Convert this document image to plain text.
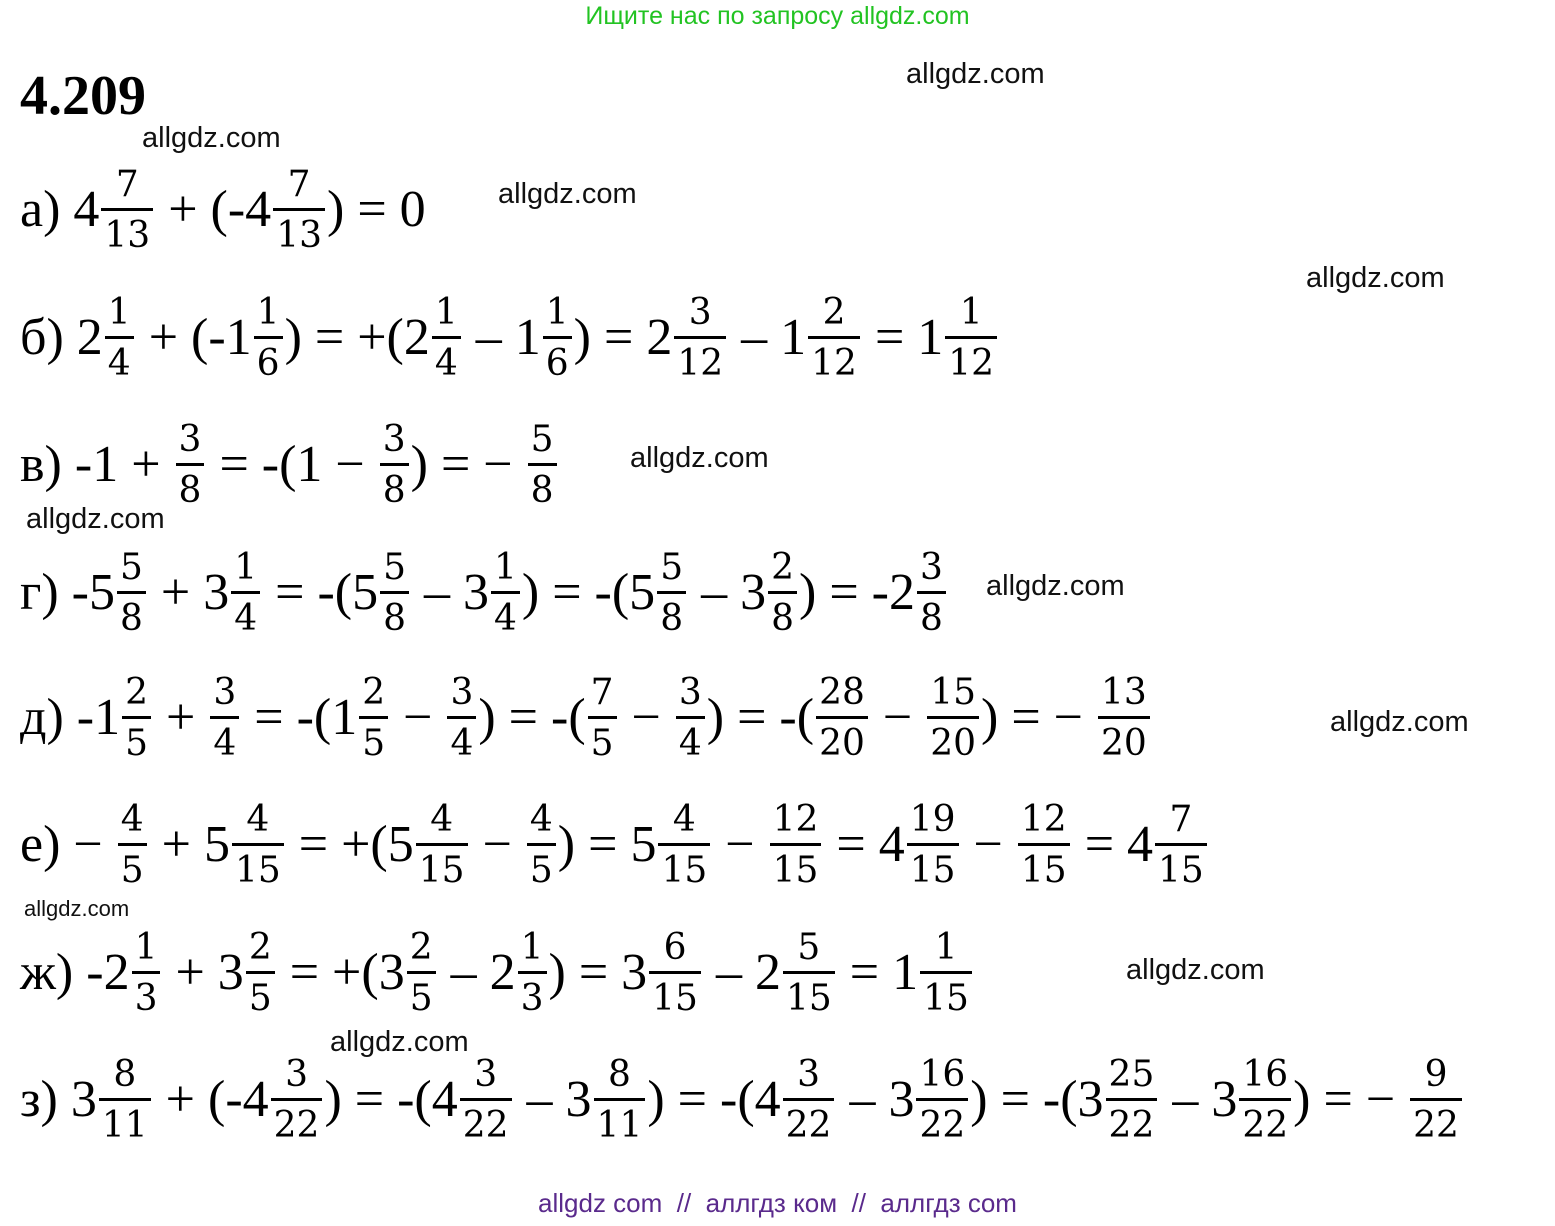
Ищите нас по запросу allgdz.com
4.209	allgdz.com
allgdz.com
allgdz.com
allgdz.com
allgdz.com
allgdz.com
allgdz.com
allgdz.com
allgdz.com
allgdz.com
allgdz.com
а) $4 \frac{7}{13} + (-4 \frac{7}{13}$ ) = 0
б) $2 \frac{1}{4} + (-1 \frac{1}{6}$ ) = $+(2 \frac{1}{4} - 1 \frac{1}{6}$ ) = $2 \frac{3}{12} - 1 \frac{2}{12} = 1 \frac{1}{12}$
в) $-1 + \frac{3}{8} = -(1 - \frac{3}{8}$ ) = − $\frac{5}{8}$
г) $-5 \frac{5}{8} + 3 \frac{1}{4} = -(5 \frac{5}{8} - 3 \frac{1}{4}$ ) = $-(5 \frac{5}{8} - 3 \frac{2}{8}$ ) = $-2 \frac{3}{8}$
д) $-1 \frac{2}{5} + \frac{3}{4} = -(1 \frac{2}{5} - \frac{3}{4}$ ) = -( $\frac{7}{5} - \frac{3}{4}$ ) = -( $\frac{28}{20} - \frac{15}{20}$ ) = − $\frac{13}{20}$
$е) - \frac{4}{5} + 5 \frac{4}{15} = +(5 \frac{4}{15} - \frac{4}{5}$ ) = $5 \frac{4}{15} - \frac{12}{15} = 4 \frac{19}{15} - \frac{12}{15} = 4 \frac{7}{15}$
ж) $-2 \frac{1}{3} + 3 \frac{2}{5} = +(3 \frac{2}{5} - 2 \frac{1}{3}$ ) = $3 \frac{6}{15} - 2 \frac{5}{15} = 1 \frac{1}{15}$
з) $3 \frac{8}{11} + (-4 \frac{3}{22}$ ) = $-(4 \frac{3}{22} - 3 \frac{8}{11}$ ) = $-(4 \frac{3}{22} - 3 \frac{16}{22}$ ) = $-(3 \frac{25}{22} - 3 \frac{16}{22}$ ) = − $\frac{9}{22}$
allgdz com  //  аллгдз ком  //  аллгдз com
